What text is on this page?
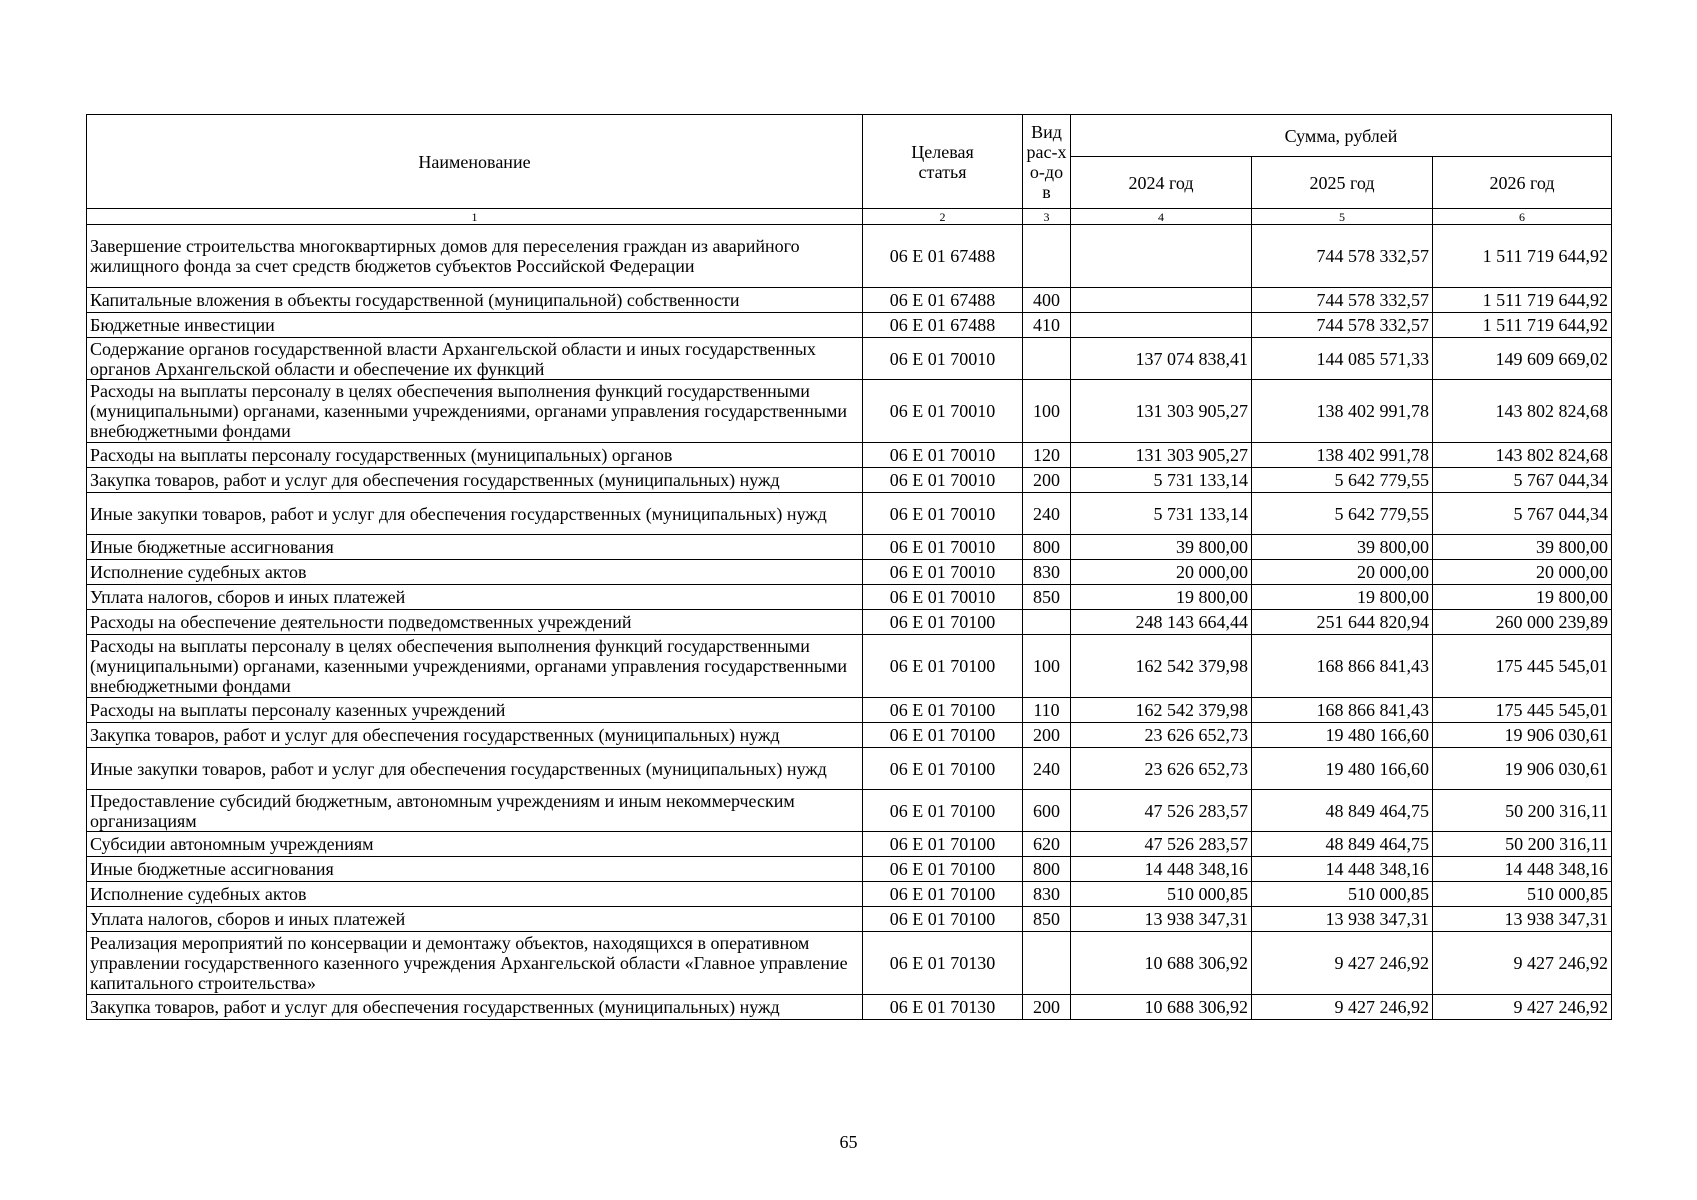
Наименование	Целевая статья	Вид рас-хо-дов	Сумма, рублей		
			2024 год	2025 год	2026 год
1	2	3	4	5	6
Завершение строительства многоквартирных домов для переселения граждан из аварийного жилищного фонда за счет средств бюджетов субъектов Российской Федерации	06 Е 01 67488			744 578 332,57	1 511 719 644,92
Капитальные вложения в объекты государственной (муниципальной) собственности	06 Е 01 67488	400		744 578 332,57	1 511 719 644,92
Бюджетные инвестиции	06 Е 01 67488	410		744 578 332,57	1 511 719 644,92
Содержание органов государственной власти Архангельской области и иных государственных органов Архангельской области и обеспечение их функций	06 Е 01 70010		137 074 838,41	144 085 571,33	149 609 669,02
Расходы на выплаты персоналу в целях обеспечения выполнения функций государственными (муниципальными) органами, казенными учреждениями, органами управления государственными внебюджетными фондами	06 Е 01 70010	100	131 303 905,27	138 402 991,78	143 802 824,68
Расходы на выплаты персоналу государственных (муниципальных) органов	06 Е 01 70010	120	131 303 905,27	138 402 991,78	143 802 824,68
Закупка товаров, работ и услуг для обеспечения государственных (муниципальных) нужд	06 Е 01 70010	200	5 731 133,14	5 642 779,55	5 767 044,34
Иные закупки товаров, работ и услуг для обеспечения государственных (муниципальных) нужд	06 Е 01 70010	240	5 731 133,14	5 642 779,55	5 767 044,34
Иные бюджетные ассигнования	06 Е 01 70010	800	39 800,00	39 800,00	39 800,00
Исполнение судебных актов	06 Е 01 70010	830	20 000,00	20 000,00	20 000,00
Уплата налогов, сборов и иных платежей	06 Е 01 70010	850	19 800,00	19 800,00	19 800,00
Расходы на обеспечение деятельности подведомственных учреждений	06 Е 01 70100		248 143 664,44	251 644 820,94	260 000 239,89
Расходы на выплаты персоналу в целях обеспечения выполнения функций государственными (муниципальными) органами, казенными учреждениями, органами управления государственными внебюджетными фондами	06 Е 01 70100	100	162 542 379,98	168 866 841,43	175 445 545,01
Расходы на выплаты персоналу казенных учреждений	06 Е 01 70100	110	162 542 379,98	168 866 841,43	175 445 545,01
Закупка товаров, работ и услуг для обеспечения государственных (муниципальных) нужд	06 Е 01 70100	200	23 626 652,73	19 480 166,60	19 906 030,61
Иные закупки товаров, работ и услуг для обеспечения государственных (муниципальных) нужд	06 Е 01 70100	240	23 626 652,73	19 480 166,60	19 906 030,61
Предоставление субсидий бюджетным, автономным учреждениям и иным некоммерческим организациям	06 Е 01 70100	600	47 526 283,57	48 849 464,75	50 200 316,11
Субсидии автономным учреждениям	06 Е 01 70100	620	47 526 283,57	48 849 464,75	50 200 316,11
Иные бюджетные ассигнования	06 Е 01 70100	800	14 448 348,16	14 448 348,16	14 448 348,16
Исполнение судебных актов	06 Е 01 70100	830	510 000,85	510 000,85	510 000,85
Уплата налогов, сборов и иных платежей	06 Е 01 70100	850	13 938 347,31	13 938 347,31	13 938 347,31
Реализация мероприятий по консервации и демонтажу объектов, находящихся в оперативном управлении государственного казенного учреждения Архангельской области «Главное управление капитального строительства»	06 Е 01 70130		10 688 306,92	9 427 246,92	9 427 246,92
Закупка товаров, работ и услуг для обеспечения государственных (муниципальных) нужд	06 Е 01 70130	200	10 688 306,92	9 427 246,92	9 427 246,92
65
